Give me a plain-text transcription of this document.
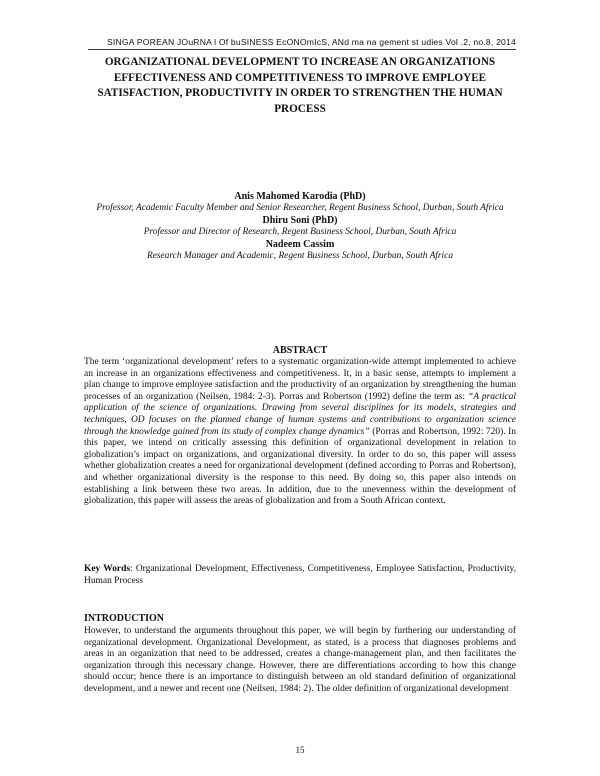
SINGA POREAN JOuRNA l Of buSINESS EcONOmIcS, ANd ma na gement st udies Vol .2, no.8, 2014
ORGANIZATIONAL DEVELOPMENT TO INCREASE AN ORGANIZATIONS EFFECTIVENESS AND COMPETITIVENESS TO IMPROVE EMPLOYEE SATISFACTION, PRODUCTIVITY IN ORDER TO STRENGTHEN THE HUMAN PROCESS
Anis Mahomed Karodia (PhD)
Professor, Academic Faculty Member and Senior Researcher, Regent Business School, Durban, South Africa
Dhiru Soni (PhD)
Professor and Director of Research, Regent Business School, Durban, South Africa
Nadeem Cassim
Research Manager and Academic, Regent Business School, Durban, South Africa
ABSTRACT
The term ‘organizational development’ refers to a systematic organization-wide attempt implemented to achieve an increase in an organizations effectiveness and competitiveness. It, in a basic sense, attempts to implement a plan change to improve employee satisfaction and the productivity of an organization by strengthening the human processes of an organization (Neilsen, 1984: 2-3). Porras and Robertson (1992) define the term as: “A practical application of the science of organizations. Drawing from several disciplines for its models, strategies and techniques, OD focuses on the planned change of human systems and contributions to organization science through the knowledge gained from its study of complex change dynamics” (Porras and Robertson, 1992: 720). In this paper, we intend on critically assessing this definition of organizational development in relation to globalization’s impact on organizations, and organizational diversity. In order to do so, this paper will assess whether globalization creates a need for organizational development (defined according to Porras and Robertson), and whether organizational diversity is the response to this need. By doing so, this paper also intends on establishing a link between these two areas. In addition, due to the unevenness within the development of globalization, this paper will assess the areas of globalization and from a South African context.
Key Words: Organizational Development, Effectiveness, Competitiveness, Employee Satisfaction, Productivity, Human Process
INTRODUCTION
However, to understand the arguments throughout this paper, we will begin by furthering our understanding of organizational development. Organizational Development, as stated, is a process that diagnoses problems and areas in an organization that need to be addressed, creates a change-management plan, and then facilitates the organization through this necessary change. However, there are differentiations according to how this change should occur; hence there is an importance to distinguish between an old standard definition of organizational development, and a newer and recent one (Neilsen, 1984: 2). The older definition of organizational development
15
